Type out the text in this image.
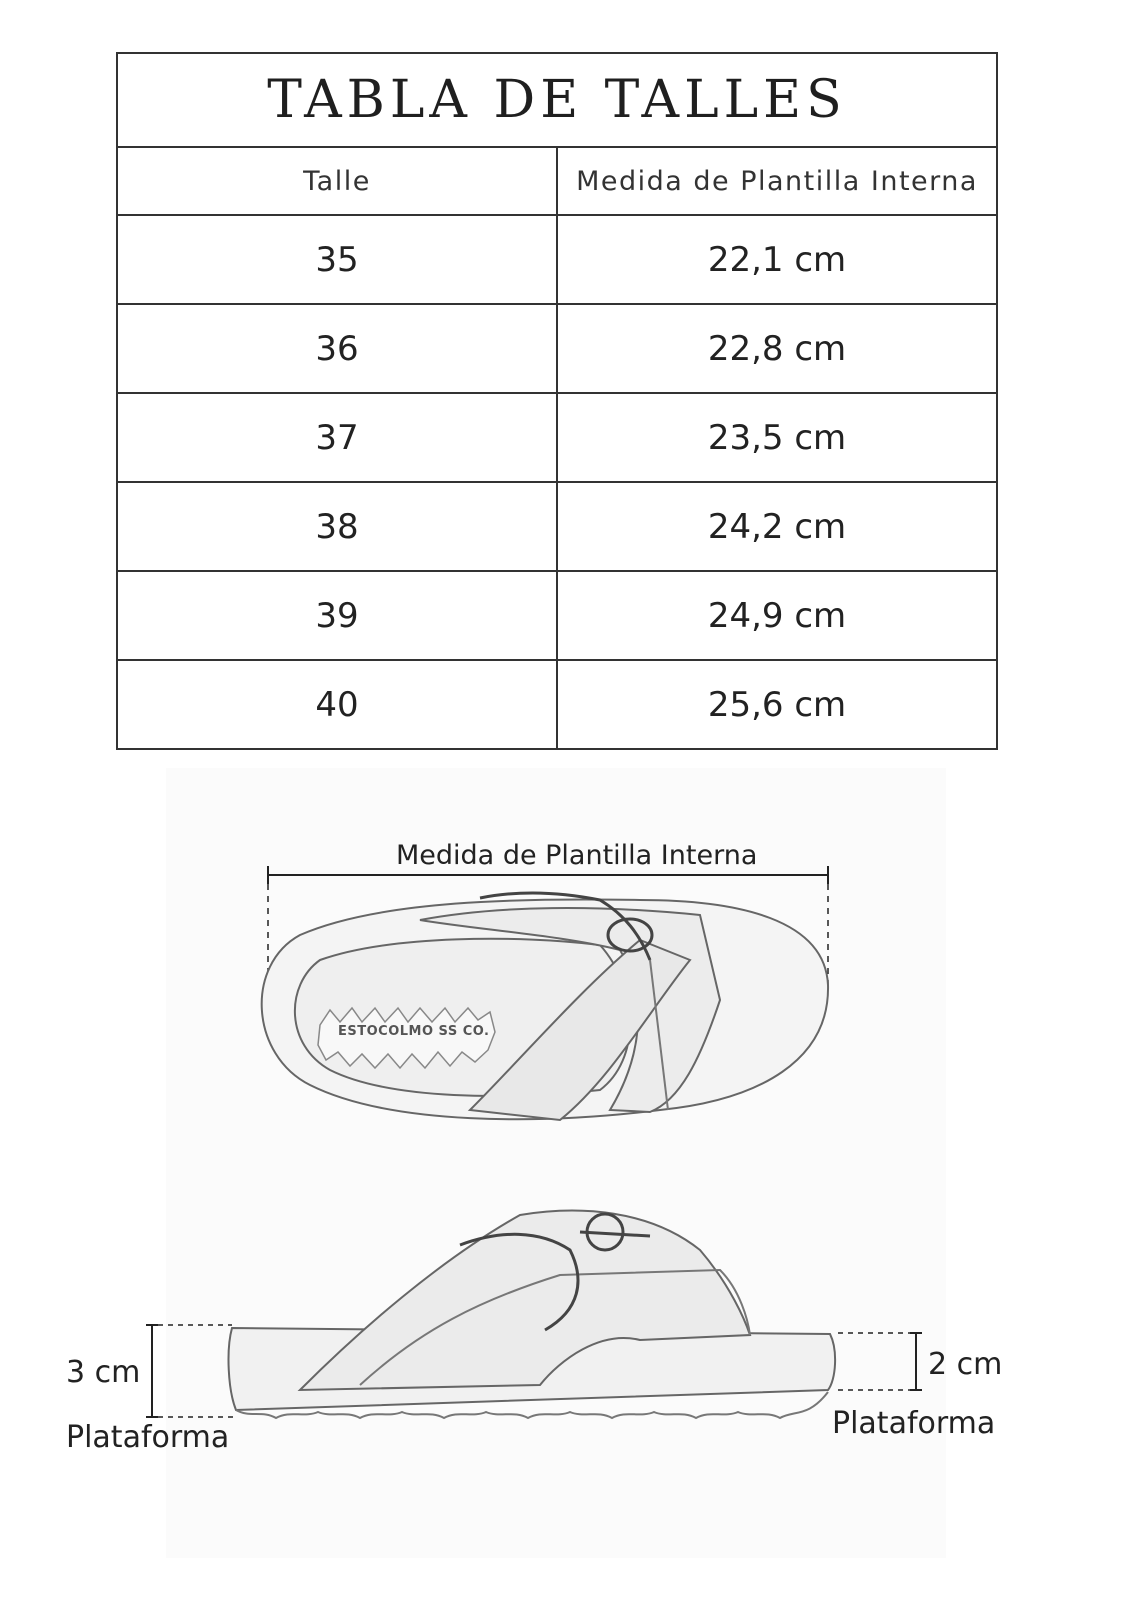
TABLA DE TALLES	
Talle	Medida de Plantilla Interna
35	22,1 cm
36	22,8 cm
37	23,5 cm
38	24,2 cm
39	24,9 cm
40	25,6 cm
Medida de Plantilla Interna
ESTOCOLMO SS CO.
3 cm
Plataforma
2 cm
Plataforma
